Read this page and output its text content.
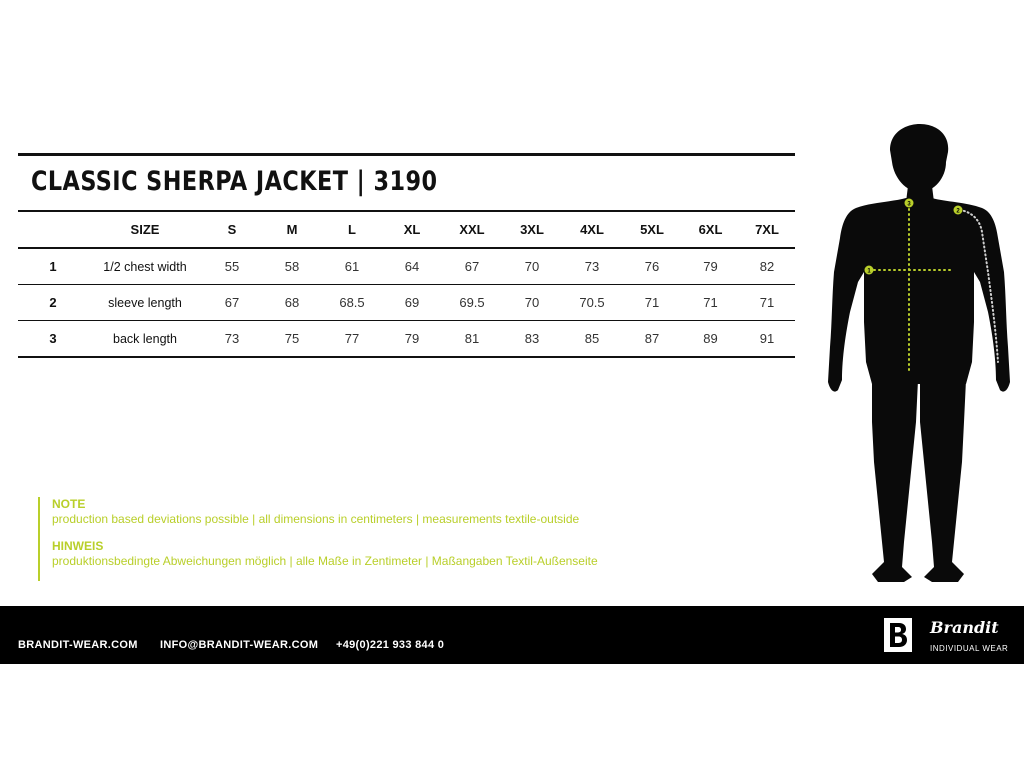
CLASSIC SHERPA JACKET | 3190
	SIZE	S	M	L	XL	XXL	3XL	4XL	5XL	6XL	7XL
1	1/2 chest width	55	58	61	64	67	70	73	76	79	82
2	sleeve length	67	68	68.5	69	69.5	70	70.5	71	71	71
3	back length	73	75	77	79	81	83	85	87	89	91
NOTE
production based deviations possible | all dimensions in centimeters | measurements textile-outside
HINWEIS
produktionsbedingte Abweichungen möglich | alle Maße in Zentimeter | Maßangaben Textil-Außenseite
1
2
3
BRANDIT-WEAR.COM INFO@BRANDIT-WEAR.COM +49(0)221 933 844 0
Brandit
INDIVIDUAL WEAR
